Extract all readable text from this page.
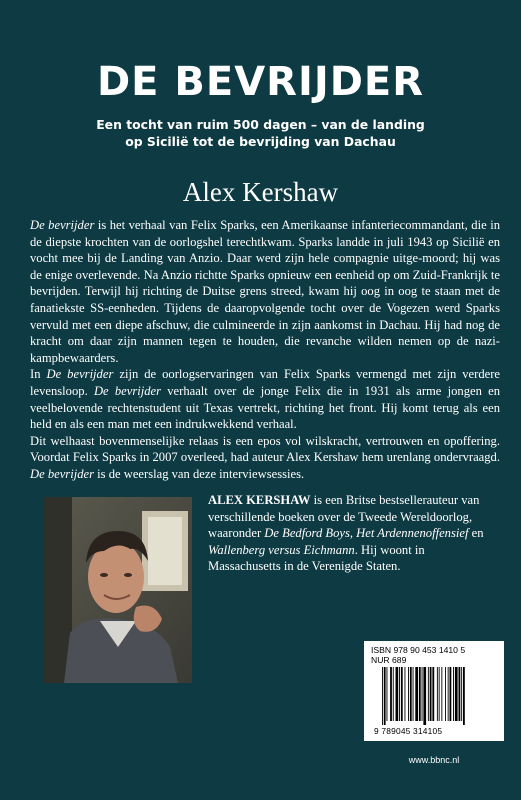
DE BEVRIJDER
Een tocht van ruim 500 dagen – van de landing
op Sicilië tot de bevrijding van Dachau
Alex Kershaw

De bevrijder is het verhaal van Felix Sparks, een Amerikaanse infanteriecommandant, die in de diepste krochten van de oorlogshel terechtkwam. Sparks landde in juli 1943 op Sicilië en vocht mee bij de Landing van Anzio. Daar werd zijn hele compagnie uitge-moord; hij was de enige overlevende. Na Anzio richtte Sparks opnieuw een eenheid op om Zuid-Frankrijk te bevrijden. Terwijl hij richting de Duitse grens streed, kwam hij oog in oog te staan met de fanatiekste SS-eenheden. Tijdens de daaropvolgende tocht over de Vogezen werd Sparks vervuld met een diepe afschuw, die culmineerde in zijn aankomst in Dachau. Hij had nog de kracht om daar zijn mannen tegen te houden, die revanche wilden nemen op de nazi-kampbewaarders.

In De bevrijder zijn de oorlogservaringen van Felix Sparks vermengd met zijn verdere levensloop. De bevrijder verhaalt over de jonge Felix die in 1931 als arme jongen en veelbelovende rechtenstudent uit Texas vertrekt, richting het front. Hij komt terug als een held en als een man met een indrukwekkend verhaal.

Dit welhaast bovenmenselijke relaas is een epos vol wilskracht, vertrouwen en opoffering. Voordat Felix Sparks in 2007 overleed, had auteur Alex Kershaw hem urenlang ondervraagd. De bevrijder is de weerslag van deze interviewsessies.

ALEX KERSHAW is een Britse bestsellerauteur van verschillende boeken over de Tweede Wereldoorlog, waaronder De Bedford Boys, Het Ardennenoffensief en Wallenberg versus Eichmann. Hij woont in Massachusetts in de Verenigde Staten.

ISBN 978 90 453 1410 5
NUR 689
9 789045 314105
www.bbnc.nl
